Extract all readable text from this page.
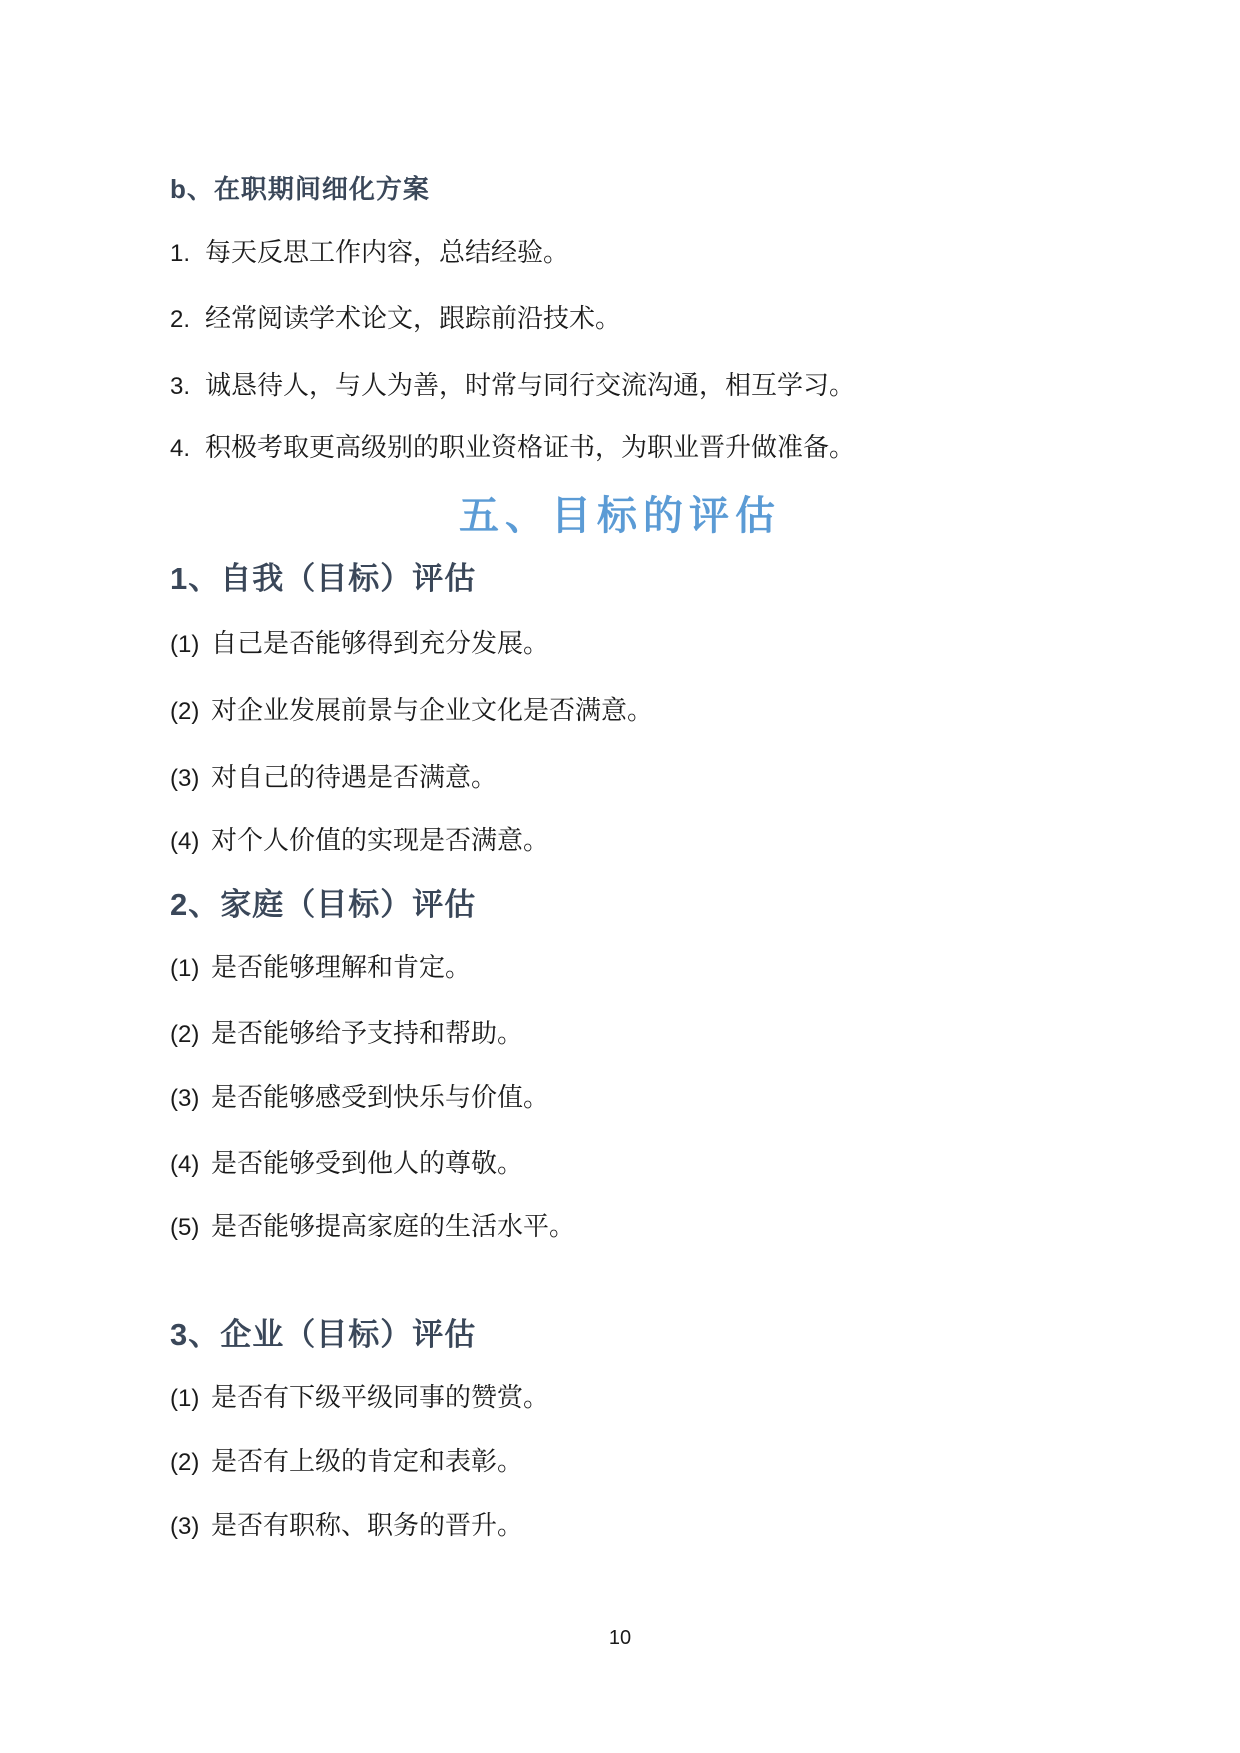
b、在职期间细化方案
1. 每天反思工作内容，总结经验。
2. 经常阅读学术论文，跟踪前沿技术。
3. 诚恳待人，与人为善，时常与同行交流沟通，相互学习。
4. 积极考取更高级别的职业资格证书，为职业晋升做准备。
五、目标的评估
1、自我（目标）评估
(1) 自己是否能够得到充分发展。
(2) 对企业发展前景与企业文化是否满意。
(3) 对自己的待遇是否满意。
(4) 对个人价值的实现是否满意。
2、家庭（目标）评估
(1) 是否能够理解和肯定。
(2) 是否能够给予支持和帮助。
(3) 是否能够感受到快乐与价值。
(4) 是否能够受到他人的尊敬。
(5) 是否能够提高家庭的生活水平。
3、企业（目标）评估
(1) 是否有下级平级同事的赞赏。
(2) 是否有上级的肯定和表彰。
(3) 是否有职称、职务的晋升。
10
